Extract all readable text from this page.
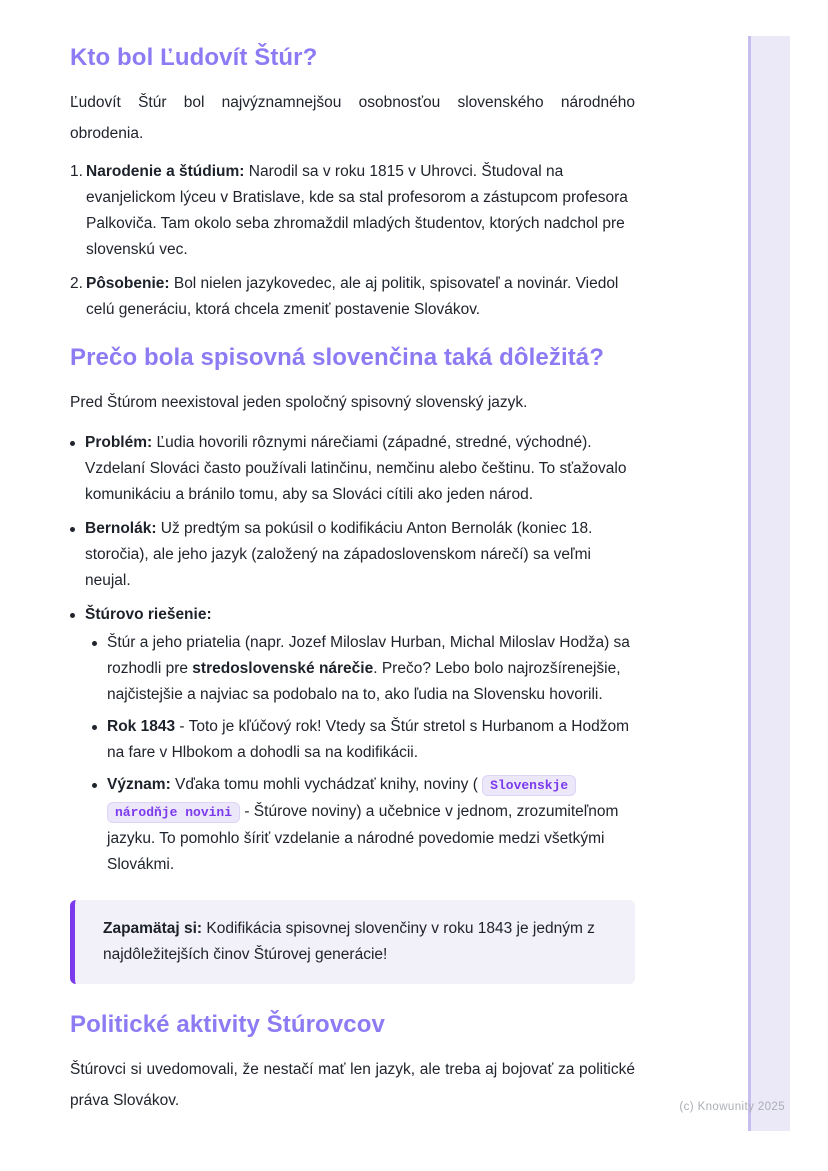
Kto bol Ľudovít Štúr?

Ľudovít Štúr bol najvýznamnejšou osobnosťou slovenského národného obrodenia.

1. Narodenie a štúdium: Narodil sa v roku 1815 v Uhrovci. Študoval na evanjelickom lýceu v Bratislave, kde sa stal profesorom a zástupcom profesora Palkoviča. Tam okolo seba zhromaždil mladých študentov, ktorých nadchol pre slovenskú vec.
2. Pôsobenie: Bol nielen jazykovedec, ale aj politik, spisovateľ a novinár. Viedol celú generáciu, ktorá chcela zmeniť postavenie Slovákov.
Prečo bola spisovná slovenčina taká dôležitá?

Pred Štúrom neexistoval jeden spoločný spisovný slovenský jazyk.

Problém: Ľudia hovorili rôznymi nárečiami (západné, stredné, východné). Vzdelaní Slováci často používali latinčinu, nemčinu alebo češtinu. To sťažovalo komunikáciu a bránilo tomu, aby sa Slováci cítili ako jeden národ.
Bernolák: Už predtým sa pokúsil o kodifikáciu Anton Bernolák (koniec 18. storočia), ale jeho jazyk (založený na západoslovenskom nárečí) sa veľmi neujal.
Štúrovo riešenie:
Štúr a jeho priatelia (napr. Jozef Miloslav Hurban, Michal Miloslav Hodža) sa rozhodli pre stredoslovenské nárečie. Prečo? Lebo bolo najrozšírenejšie, najčistejšie a najviac sa podobalo na to, ako ľudia na Slovensku hovorili.
Rok 1843 - Toto je kľúčový rok! Vtedy sa Štúr stretol s Hurbanom a Hodžom na fare v Hlbokom a dohodli sa na kodifikácii.
Význam: Vďaka tomu mohli vychádzať knihy, noviny ( Slovenskje národňje novini - Štúrove noviny) a učebnice v jednom, zrozumiteľnom jazyku. To pomohlo šíriť vzdelanie a národné povedomie medzi všetkými Slovákmi.
Zapamätaj si: Kodifikácia spisovnej slovenčiny v roku 1843 je jedným z najdôležitejších činov Štúrovej generácie!
Politické aktivity Štúrovcov

Štúrovci si uvedomovali, že nestačí mať len jazyk, ale treba aj bojovať za politické práva Slovákov.	(c) Knowunity 2025
